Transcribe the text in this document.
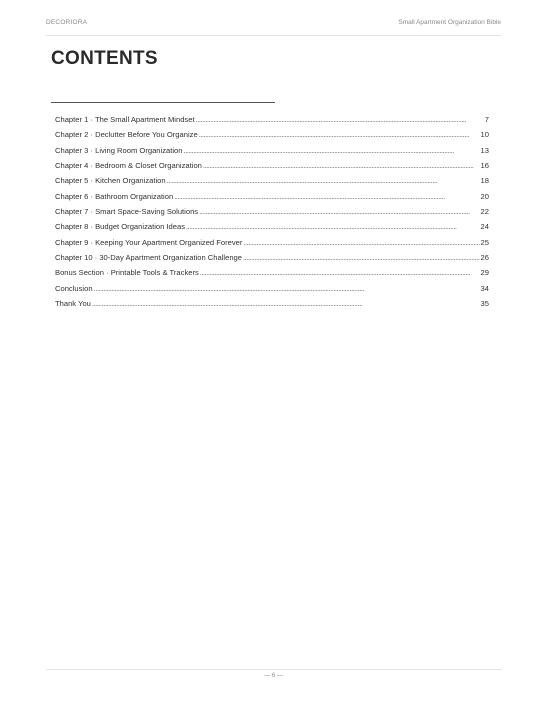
DECORIORA	Small Apartment Organization Bible
CONTENTS
Chapter 1 · The Small Apartment Mindset . . .	7
Chapter 2 · Declutter Before You Organize . . .	10
Chapter 3 · Living Room Organization . . .	13
Chapter 4 · Bedroom & Closet Organization . . .	16
Chapter 5 · Kitchen Organization . . .	18
Chapter 6 · Bathroom Organization . . .	20
Chapter 7 · Smart Space-Saving Solutions . . .	22
Chapter 8 · Budget Organization Ideas . . .	24
Chapter 9 · Keeping Your Apartment Organized Forever . . .	25
Chapter 10 · 30-Day Apartment Organization Challenge . . .	26
Bonus Section · Printable Tools & Trackers . . .	29
Conclusion . . .	34
Thank You . . .	35
— 6 —
